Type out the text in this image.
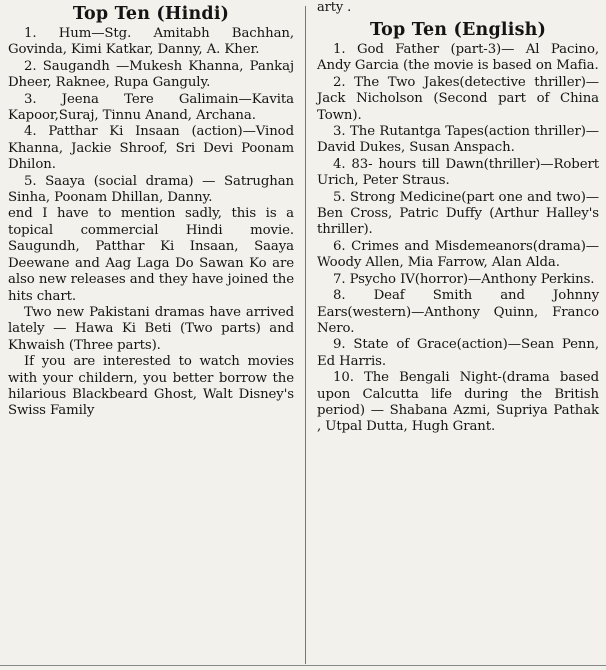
Top Ten (Hindi)

1. Hum—Stg. Amitabh Bachhan, Govinda, Kimi Katkar, Danny, A. Kher.

2. Saugandh —Mukesh Khanna, Pankaj Dheer, Raknee, Rupa Ganguly.

3. Jeena Tere Galimain—Kavita Kapoor,Suraj, Tinnu Anand, Archana.

4. Patthar Ki Insaan (action)—Vinod Khanna, Jackie Shroof, Sri Devi Poonam Dhilon.

5. Saaya (social drama) — Satrughan Sinha, Poonam Dhillan, Danny.

end I have to mention sadly, this is a topical commercial Hindi movie. Saugundh, Patthar Ki Insaan, Saaya Deewane and Aag Laga Do Sawan Ko are also new releases and they have joined the hits chart.

Two new Pakistani dramas have arrived lately — Hawa Ki Beti (Two parts) and Khwaish (Three parts).

If you are interested to watch movies with your childern, you better borrow the hilarious Blackbeard Ghost, Walt Disney's Swiss Family

arty .

Top Ten (English)

1. God Father (part-3)— Al Pacino, Andy Garcia (the movie is based on Mafia.

2. The Two Jakes(detective thriller)—Jack Nicholson (Second part of China Town).

3. The Rutantga Tapes(action thriller)—David Dukes, Susan Anspach.

4. 83- hours till Dawn(thriller)—Robert Urich, Peter Straus.

5. Strong Medicine(part one and two)—Ben Cross, Patric Duffy (Arthur Halley's thriller).

6. Crimes and Misdemeanors(drama)—Woody Allen, Mia Farrow, Alan Alda.

7. Psycho IV(horror)—Anthony Perkins.

8. Deaf Smith and Johnny Ears(western)—Anthony Quinn, Franco Nero.

9. State of Grace(action)—Sean Penn, Ed Harris.

10. The Bengali Night-(drama based upon Calcutta life during the British period) — Shabana Azmi, Supriya Pathak , Utpal Dutta, Hugh Grant.
